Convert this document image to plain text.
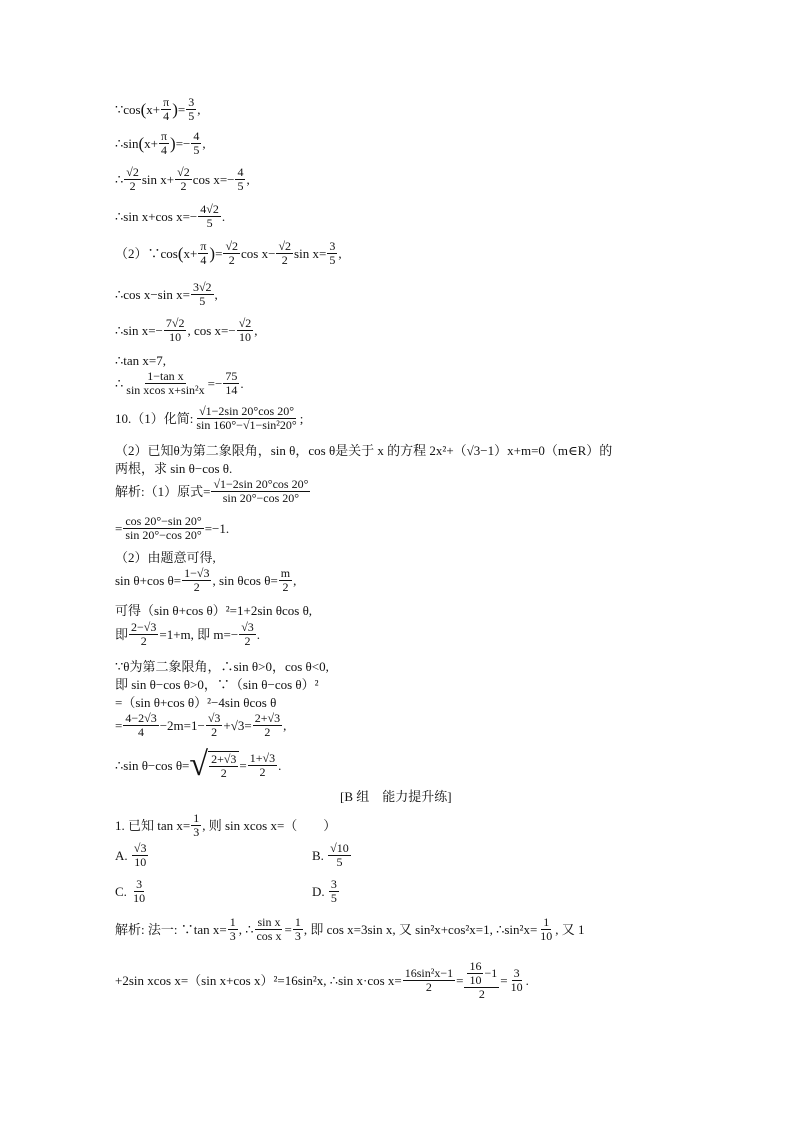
∵cos ( $x+ \frac{\pi}{4}$ ) = $\frac{3}{5}$ ,
∴sin ( $x+ \frac{\pi}{4}$ ) =− $\frac{4}{5}$ ,
∴ $\frac{√2}{2}$ $\sin x+ \frac{√2}{2}$ $\cos x=- \frac{4}{5}$ ,
∴sin x+cos $x=- \frac{4√2}{5}$ .
（2）∵cos ( $x+ \frac{\pi}{4}$ ) = $\frac{√2}{2}$ $\cos x- \frac{√2}{2}$ $\sin x= \frac{3}{5}$ ,
∴cos x−sin $x= \frac{3√2}{5}$ ,
∴sin $x=- \frac{7√2}{10}$ , $\cos x=- \frac{√2}{10}$ ,
∴tan x=7,
∴ $\frac{\text{1−tan x}}{\text{sin xcos x+sin²x}} =- \frac{75}{14}$ .
10.（1）化简: $\frac{√1-2\sin 20^\circ\cos 20^\circ}{\text{sin 160°−√1−sin²20°}}$ ;
（2）已知θ为第二象限角，sin θ，cos θ是关于 x 的方程 2x²+（√3−1）x+m=0（m∈R）的
两根，求 sin θ−cos θ.
解析:（1）原式= $\frac{√1-2\sin 20^\circ\cos 20^\circ}{\sin 20^\circ-\cos 20^\circ}$
= $\frac{\cos 20^\circ-\sin 20^\circ}{\sin 20^\circ-\cos 20^\circ} =-1$.
（2）由题意可得,
sin θ+cos $\theta= \frac{1-√3}{2}$ , sin θcos $\theta= \frac{m}{2}$ ,
可得（sin θ+cos θ）²=1+2sin θcos θ,
即 $\frac{2-√3}{2} =1+m$, 即 $m=- \frac{√3}{2}$ .
∵θ为第二象限角，∴sin θ>0，cos θ<0,
即 sin θ−cos θ>0，∵（sin θ−cos θ）²
=（sin θ+cos θ）²−4sin θcos θ
= $\frac{4-2√3}{4} -2m=1- \frac{√3}{2} +√3= \frac{2+√3}{2}$ ,
∴sin θ−cos θ= √ $\frac{2+√3}{2} = \frac{1+√3}{2}$ .
[B 组　能力提升练]
1. 已知 $\tan x= \frac{1}{3}$ , 则 sin xcos x=（　　）
A.
$\frac{√3}{10}$	B.
$\frac{√10}{5}$
C.
$\frac{3}{10}$	D.
$\frac{3}{5}$
解析: 法一: ∵tan $x= \frac{1}{3}$ , ∴ $\frac{\text{sin x}}{\text{cos x}} = \frac{1}{3}$ , 即 cos x=3sin x, 又 sin²x+cos²x=1, ∴sin²x= $\frac{1}{10}$ , 又 1
+2sin xcos x=（sin x+cos x）²=16sin²x, ∴sin x·cos $x= \frac{\text{16sin²x−1}}{2} = \frac{\frac{16}{10} -1}{2} = \frac{3}{10}$ .
